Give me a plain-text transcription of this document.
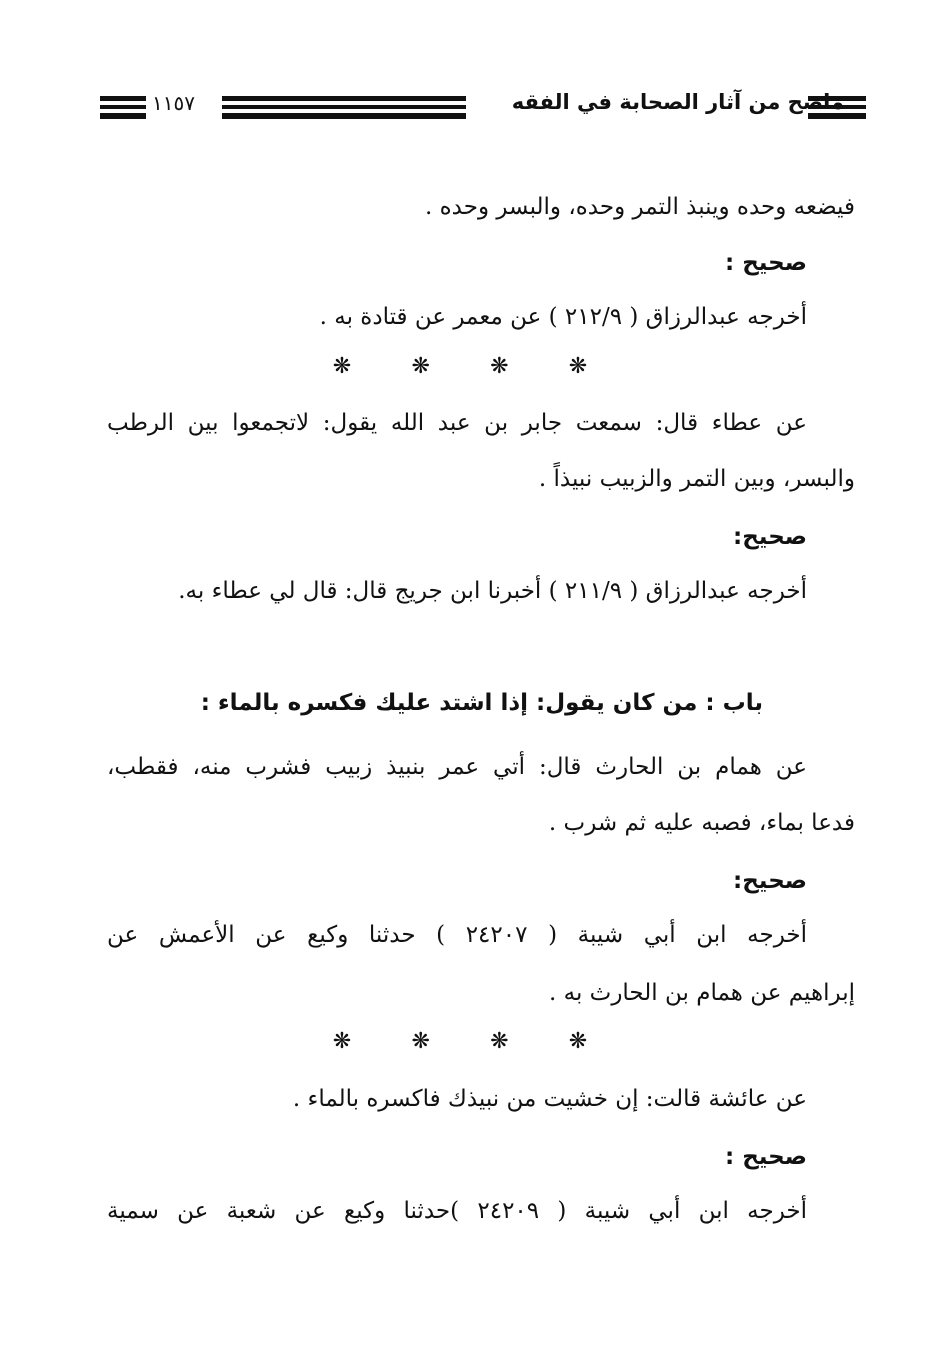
ماصح من آثار الصحابة في الفقه
١١٥٧
فيضعه وحده وينبذ التمر وحده، والبسر وحده .
صحيح :
أخرجه عبدالرزاق ( ٢١٢/٩ ) عن معمر عن قتادة به .
❋	❋	❋	❋
عن عطاء قال: سمعت جابر بن عبد الله يقول: لاتجمعوا بين الرطب
والبسر، وبين التمر والزبيب نبيذاً .
صحيح:
أخرجه عبدالرزاق ( ٢١١/٩ ) أخبرنا ابن جريج قال: قال لي عطاء به.
باب : من كان يقول: إذا اشتد عليك فكسره بالماء :
عن همام بن الحارث قال: أتي عمر بنبيذ زبيب فشرب منه، فقطب،
فدعا بماء، فصبه عليه ثم شرب .
صحيح:
أخرجه ابن أبي شيبة ( ٢٤٢٠٧ ) حدثنا وكيع عن الأعمش عن
إبراهيم عن همام بن الحارث به .
❋	❋	❋	❋
عن عائشة قالت: إن خشيت من نبيذك فاكسره بالماء .
صحيح :
أخرجه ابن أبي شيبة ( ٢٤٢٠٩ )حدثنا وكيع عن شعبة عن سمية
